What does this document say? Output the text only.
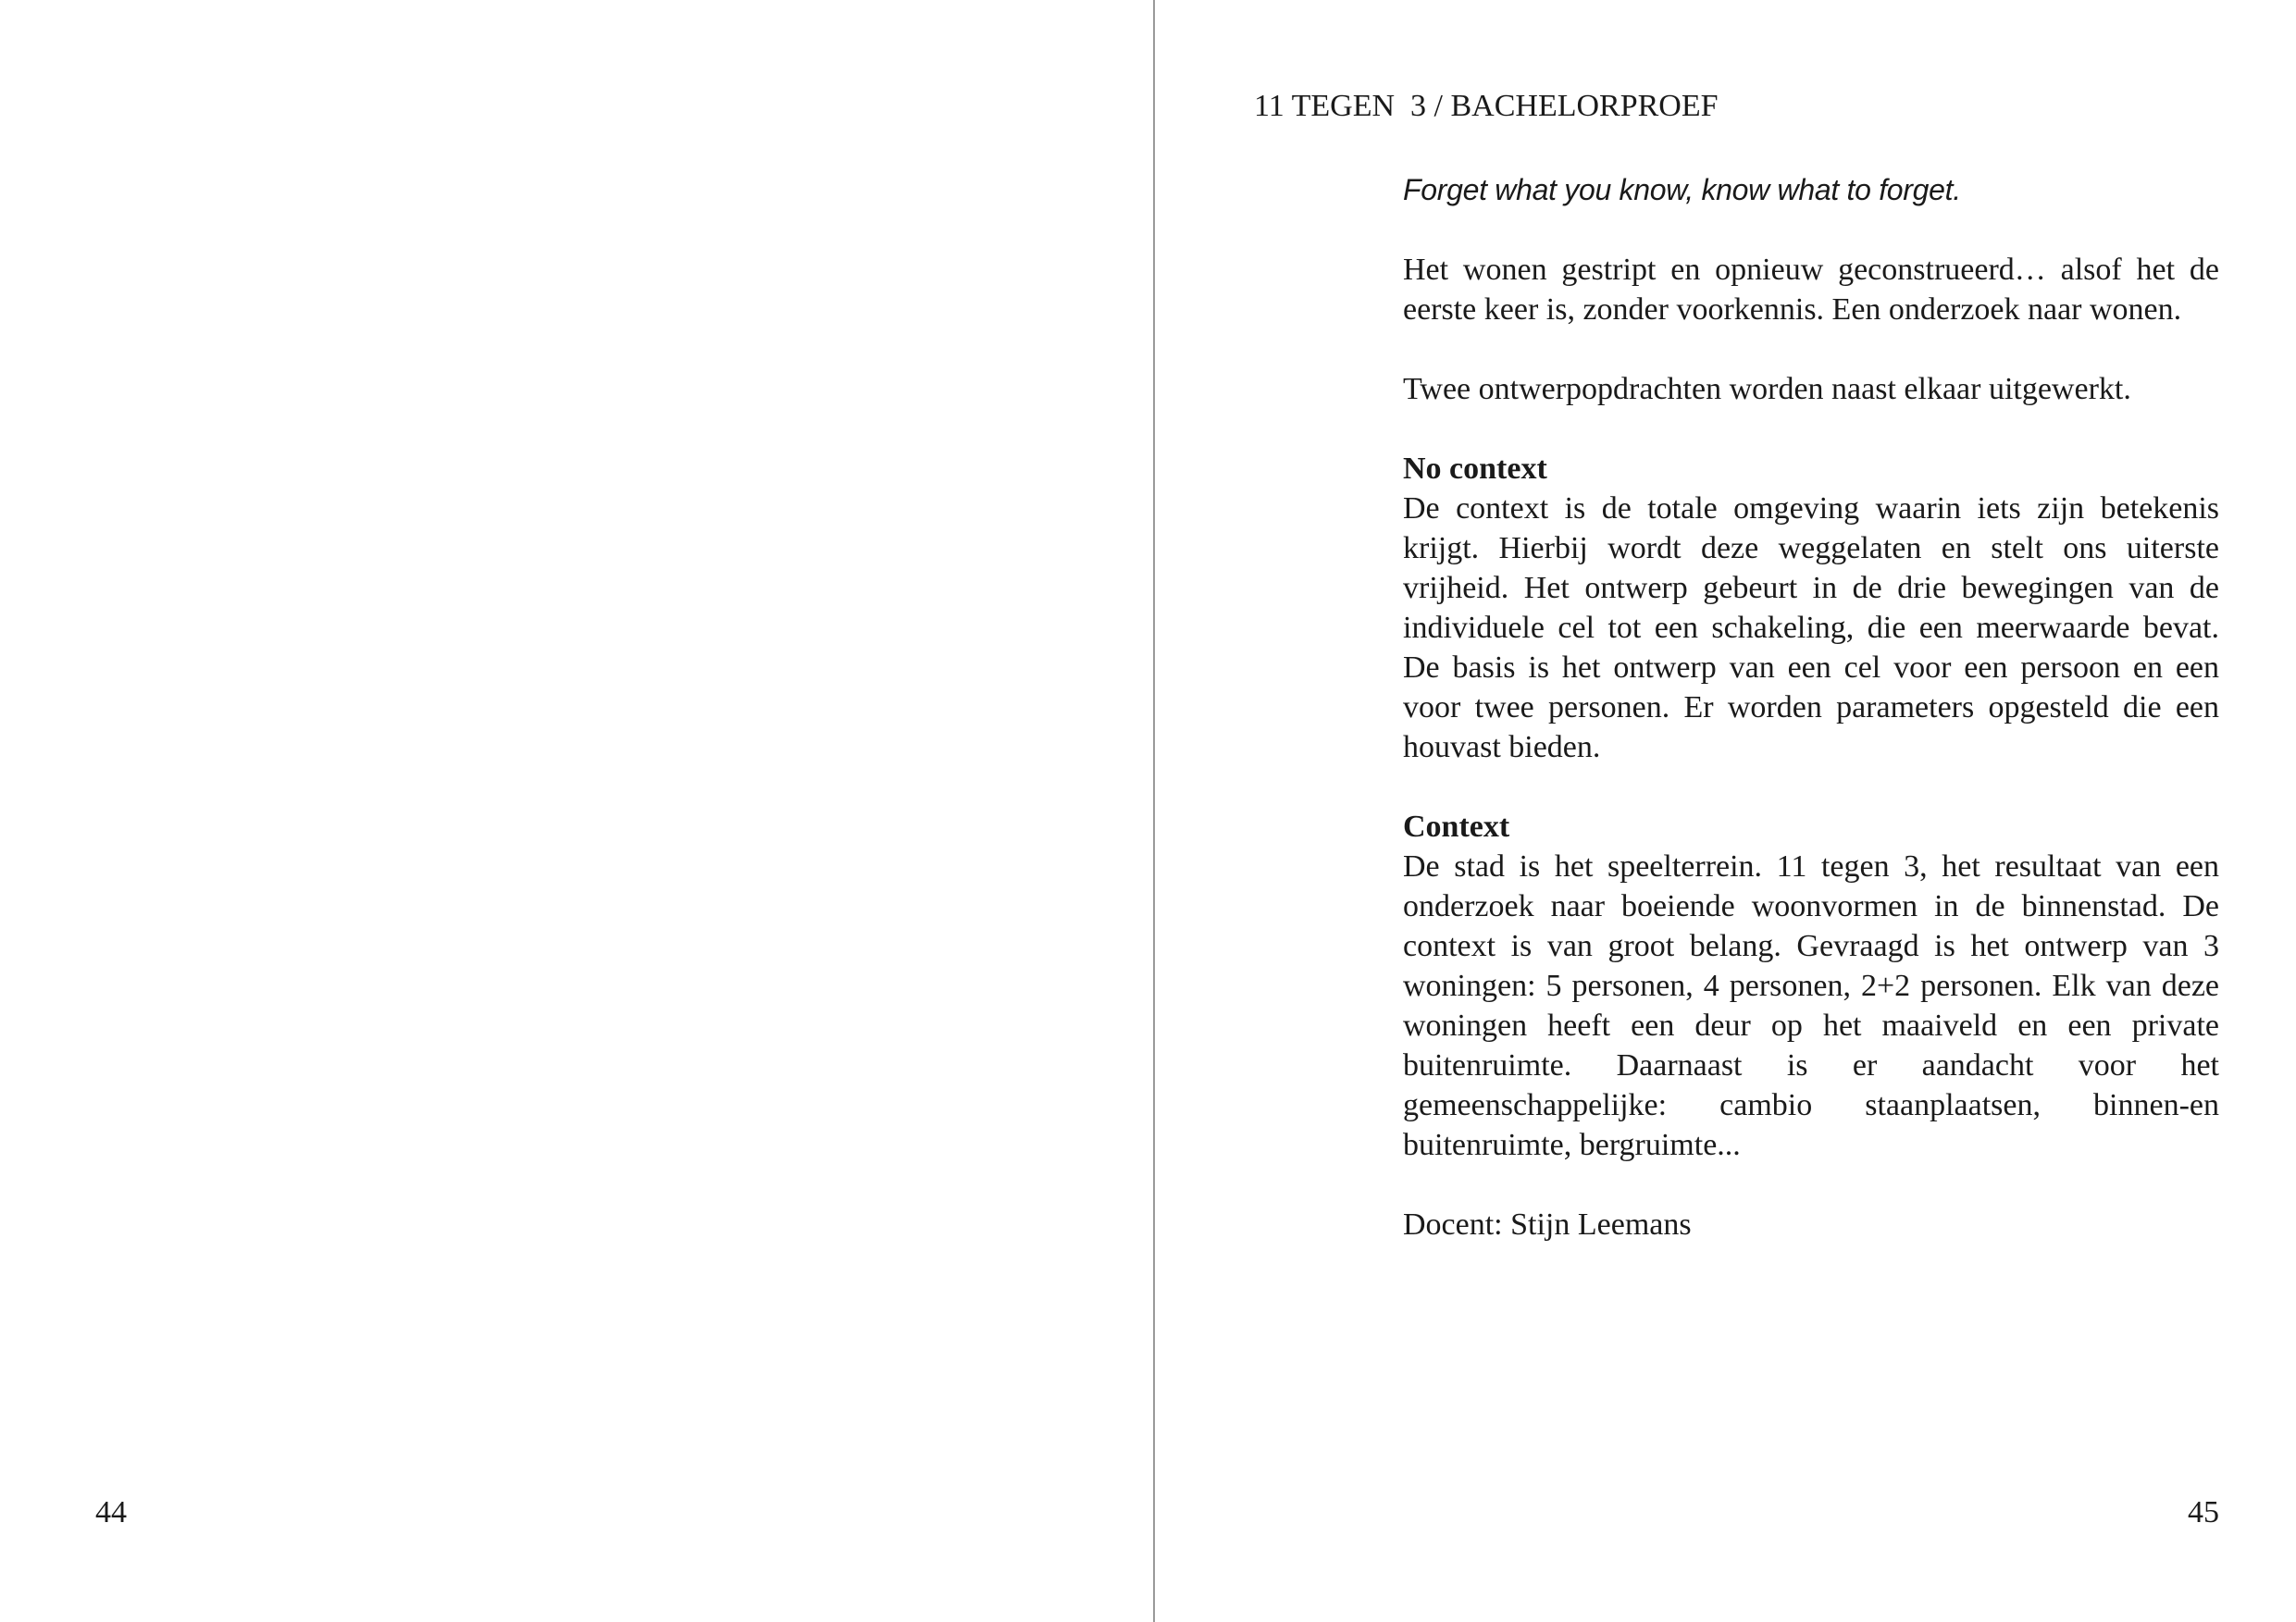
44
11 TEGEN  3 / BACHELORPROEF

Forget what you know, know what to forget.

Het wonen gestript en opnieuw geconstrueerd… alsof het de eerste keer is, zonder voorkennis. Een onderzoek naar wonen.

Twee ontwerpopdrachten worden naast elkaar uitgewerkt.

No context
De context is de totale omgeving waarin iets zijn betekenis krijgt. Hierbij wordt deze weggelaten en stelt ons uiterste vrijheid. Het ontwerp gebeurt in de drie bewegingen van de individuele cel tot een schakeling, die een meerwaarde bevat. De basis is het ontwerp van een cel voor een persoon en een voor twee personen. Er worden parameters opgesteld die een houvast bieden.

Context
De stad is het speelterrein. 11 tegen 3, het resultaat van een onderzoek naar boeiende woonvormen in de binnenstad. De context is van groot belang. Gevraagd is het ontwerp van 3 woningen: 5 personen, 4 personen, 2+2 personen. Elk van deze woningen heeft een deur op het maaiveld en een private buitenruimte. Daarnaast is er aandacht voor het gemeenschappelijke: cambio staanplaatsen, binnen-en buitenruimte, bergruimte...

Docent: Stijn Leemans

45
